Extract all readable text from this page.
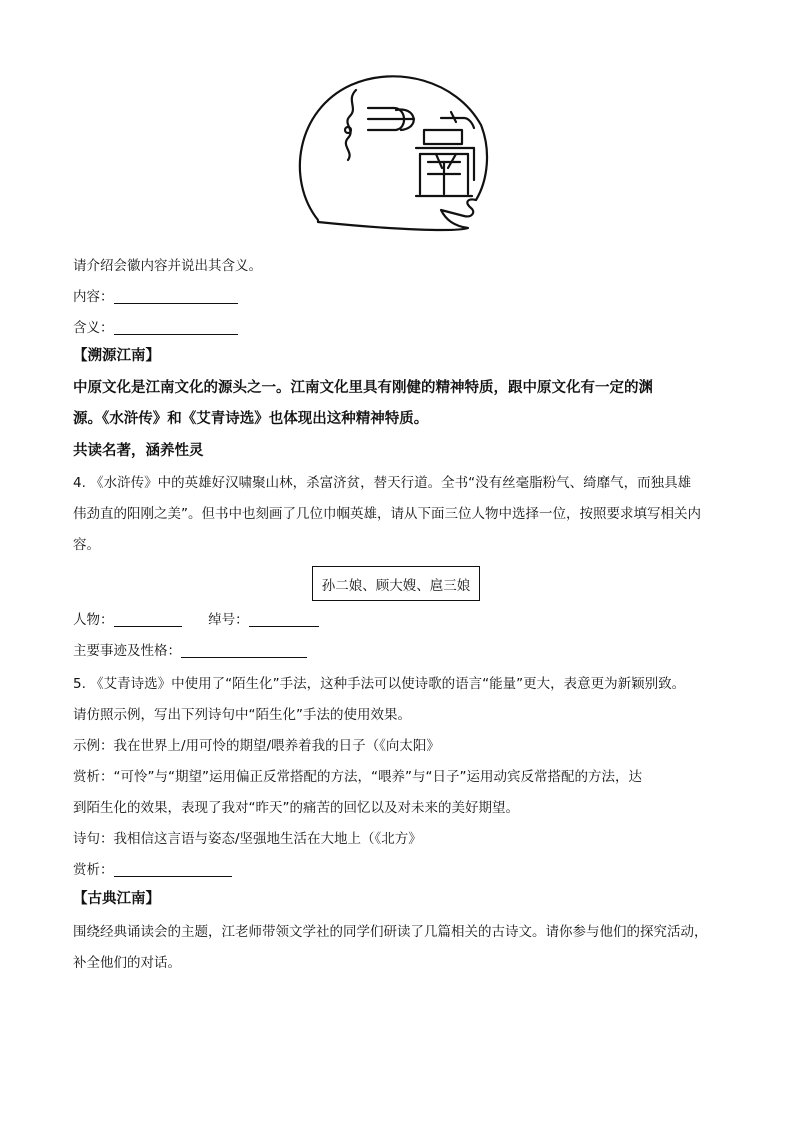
请介绍会徽内容并说出其含义。
内容：
含义：
【溯源江南】
中原文化是江南文化的源头之一。江南文化里具有刚健的精神特质，跟中原文化有一定的渊
源。《水浒传》和《艾青诗选》也体现出这种精神特质。
共读名著，涵养性灵
4. 《水浒传》中的英雄好汉啸聚山林，杀富济贫，替天行道。全书“没有丝毫脂粉气、绮靡气，而独具雄
伟劲直的阳刚之美”。但书中也刻画了几位巾帼英雄，请从下面三位人物中选择一位，按照要求填写相关内
容。
孙二娘、顾大嫂、扈三娘
人物：	绰号：
主要事迹及性格：
5. 《艾青诗选》中使用了“陌生化”手法，这种手法可以使诗歌的语言“能量”更大，表意更为新颖别致。
请仿照示例，写出下列诗句中“陌生化”手法的使用效果。
示例：我在世界上/用可怜的期望/喂养着我的日子（《向太阳》
赏析：“可怜”与“期望”运用偏正反常搭配的方法，“喂养”与“日子”运用动宾反常搭配的方法，达
到陌生化的效果，表现了我对“昨天”的痛苦的回忆以及对未来的美好期望。
诗句：我相信这言语与姿态/坚强地生活在大地上（《北方》
赏析：
【古典江南】
围绕经典诵读会的主题，江老师带领文学社的同学们研读了几篇相关的古诗文。请你参与他们的探究活动，
补全他们的对话。
